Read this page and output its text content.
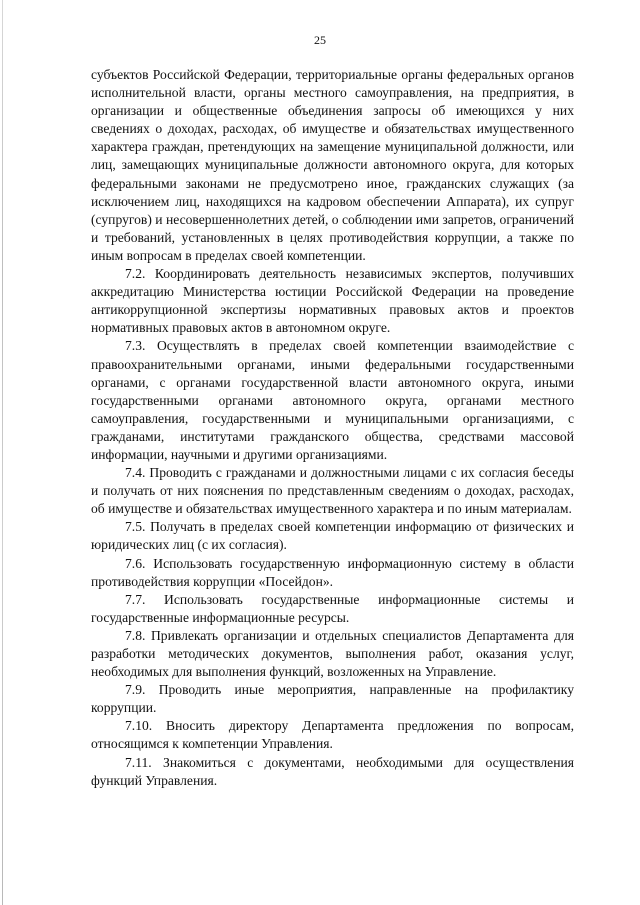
25

субъектов Российской Федерации, территориальные органы федеральных органов исполнительной власти, органы местного самоуправления, на предприятия, в организации и общественные объединения запросы об имеющихся у них сведениях о доходах, расходах, об имуществе и обязательствах имущественного характера граждан, претендующих на замещение муниципальной должности, или лиц, замещающих муниципальные должности автономного округа, для которых федеральными законами не предусмотрено иное, гражданских служащих (за исключением лиц, находящихся на кадровом обеспечении Аппарата), их супруг (супругов) и несовершеннолетних детей, о соблюдении ими запретов, ограничений и требований, установленных в целях противодействия коррупции, а также по иным вопросам в пределах своей компетенции.

7.2. Координировать деятельность независимых экспертов, получивших аккредитацию Министерства юстиции Российской Федерации на проведение антикоррупционной экспертизы нормативных правовых актов и проектов нормативных правовых актов в автономном округе.

7.3. Осуществлять в пределах своей компетенции взаимодействие с правоохранительными органами, иными федеральными государственными органами, с органами государственной власти автономного округа, иными государственными органами автономного округа, органами местного самоуправления, государственными и муниципальными организациями, с гражданами, институтами гражданского общества, средствами массовой информации, научными и другими организациями.

7.4. Проводить с гражданами и должностными лицами с их согласия беседы и получать от них пояснения по представленным сведениям о доходах, расходах, об имуществе и обязательствах имущественного характера и по иным материалам.

7.5. Получать в пределах своей компетенции информацию от физических и юридических лиц (с их согласия).

7.6. Использовать государственную информационную систему в области противодействия коррупции «Посейдон».

7.7. Использовать государственные информационные системы и государственные информационные ресурсы.

7.8. Привлекать организации и отдельных специалистов Департамента для разработки методических документов, выполнения работ, оказания услуг, необходимых для выполнения функций, возложенных на Управление.

7.9. Проводить иные мероприятия, направленные на профилактику коррупции.

7.10. Вносить директору Департамента предложения по вопросам, относящимся к компетенции Управления.

7.11. Знакомиться с документами, необходимыми для осуществления функций Управления.
